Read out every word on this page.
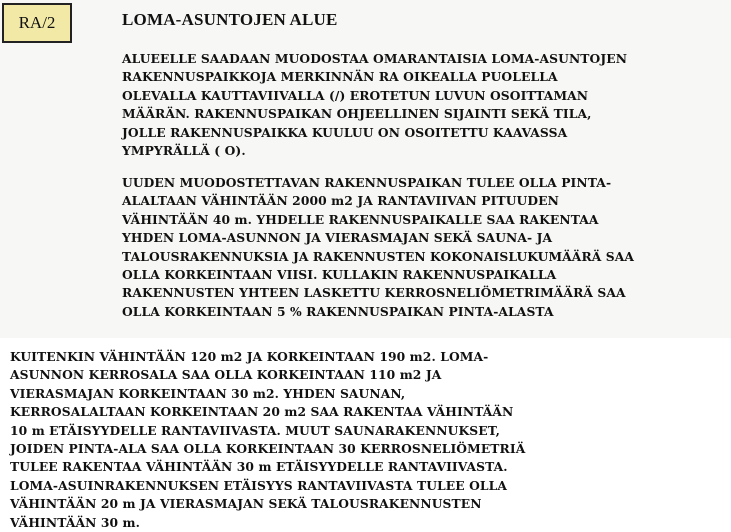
RA/2	LOMA-ASUNTOJEN ALUE

ALUEELLE SAADAAN MUODOSTAA OMARANTAISIA LOMA-ASUNTOJEN
RAKENNUSPAIKKOJA MERKINNÄN RA OIKEALLA PUOLELLA
OLEVALLA KAUTTAVIIVALLA (/) EROTETUN LUVUN OSOITTAMAN
MÄÄRÄN. RAKENNUSPAIKAN OHJEELLINEN SIJAINTI SEKÄ TILA,
JOLLE RAKENNUSPAIKKA KUULUU ON OSOITETTU KAAVASSA
YMPYRÄLLÄ ( O).

UUDEN MUODOSTETTAVAN RAKENNUSPAIKAN TULEE OLLA PINTA-
ALALTAAN VÄHINTÄÄN 2000 m2 JA RANTAVIIVAN PITUUDEN
VÄHINTÄÄN 40 m. YHDELLE RAKENNUSPAIKALLE SAA RAKENTAA
YHDEN LOMA-ASUNNON JA VIERASMAJAN SEKÄ SAUNA- JA
TALOUSRAKENNUKSIA JA RAKENNUSTEN KOKONAISLUKUMÄÄRÄ SAA
OLLA KORKEINTAAN VIISI. KULLAKIN RAKENNUSPAIKALLA
RAKENNUSTEN YHTEEN LASKETTU KERROSNELIÖMETRIMÄÄRÄ SAA
OLLA KORKEINTAAN 5 % RAKENNUSPAIKAN PINTA-ALASTA

KUITENKIN VÄHINTÄÄN 120 m2 JA KORKEINTAAN 190 m2. LOMA-
ASUNNON KERROSALA SAA OLLA KORKEINTAAN 110 m2 JA
VIERASMAJAN KORKEINTAAN 30 m2. YHDEN SAUNAN,
KERROSALALTAAN KORKEINTAAN 20 m2 SAA RAKENTAA VÄHINTÄÄN
10 m ETÄISYYDELLE RANTAVIIVASTA. MUUT SAUNARAKENNUKSET,
JOIDEN PINTA-ALA SAA OLLA KORKEINTAAN 30 KERROSNELIÖMETRIÄ
TULEE RAKENTAA VÄHINTÄÄN 30 m ETÄISYYDELLE RANTAVIIVASTA.
LOMA-ASUINRAKENNUKSEN ETÄISYYS RANTAVIIVASTA TULEE OLLA
VÄHINTÄÄN 20 m JA VIERASMAJAN SEKÄ TALOUSRAKENNUSTEN
VÄHINTÄÄN 30 m.
